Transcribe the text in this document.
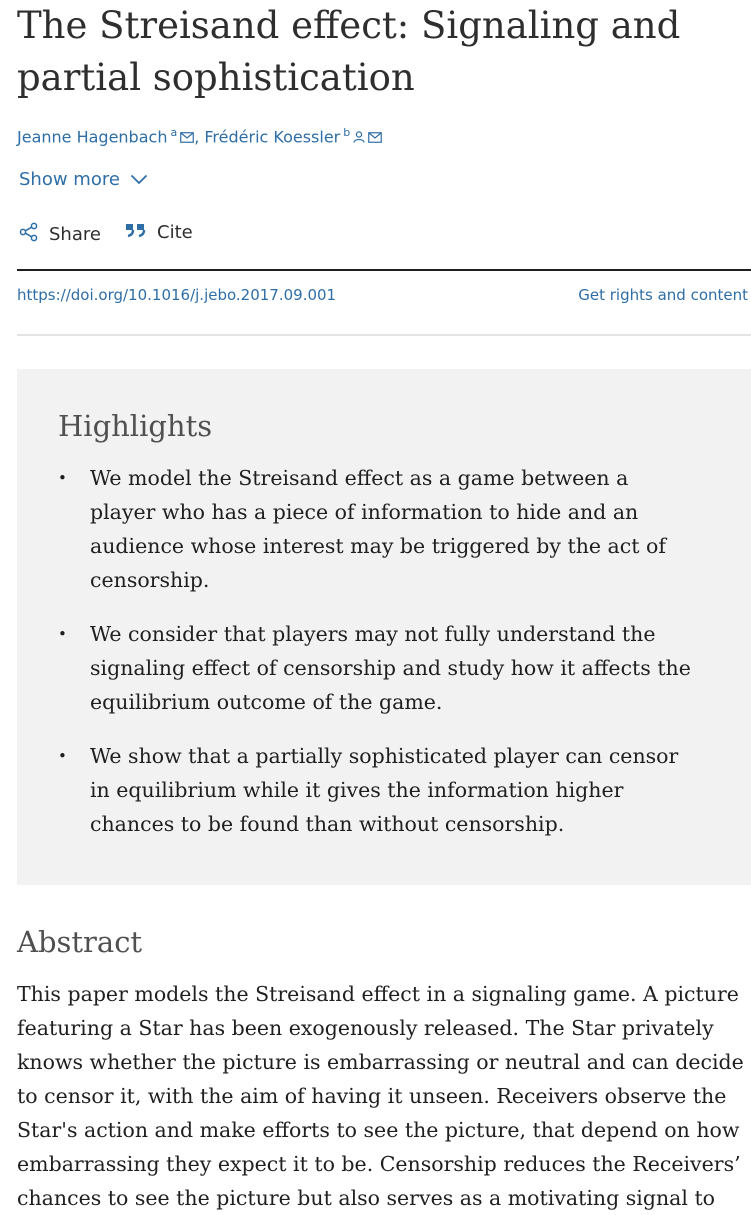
The Streisand effect: Signaling and partial sophistication
Jeanne Hagenbach $^a$ , Frédéric Koessler $^b$
Show more
Share	Cite
https://doi.org/10.1016/j.jebo.2017.09.001	Get rights and content
Highlights
• We model the Streisand effect as a game between a player who has a piece of information to hide and an audience whose interest may be triggered by the act of censorship.
• We consider that players may not fully understand the signaling effect of censorship and study how it affects the equilibrium outcome of the game.
• We show that a partially sophisticated player can censor in equilibrium while it gives the information higher chances to be found than without censorship.
Abstract

This paper models the Streisand effect in a signaling game. A picture featuring a Star has been exogenously released. The Star privately knows whether the picture is embarrassing or neutral and can decide to censor it, with the aim of having it unseen. Receivers observe the Star's action and make efforts to see the picture, that depend on how embarrassing they expect it to be. Censorship reduces the Receivers’ chances to see the picture but also serves as a motivating signal to
